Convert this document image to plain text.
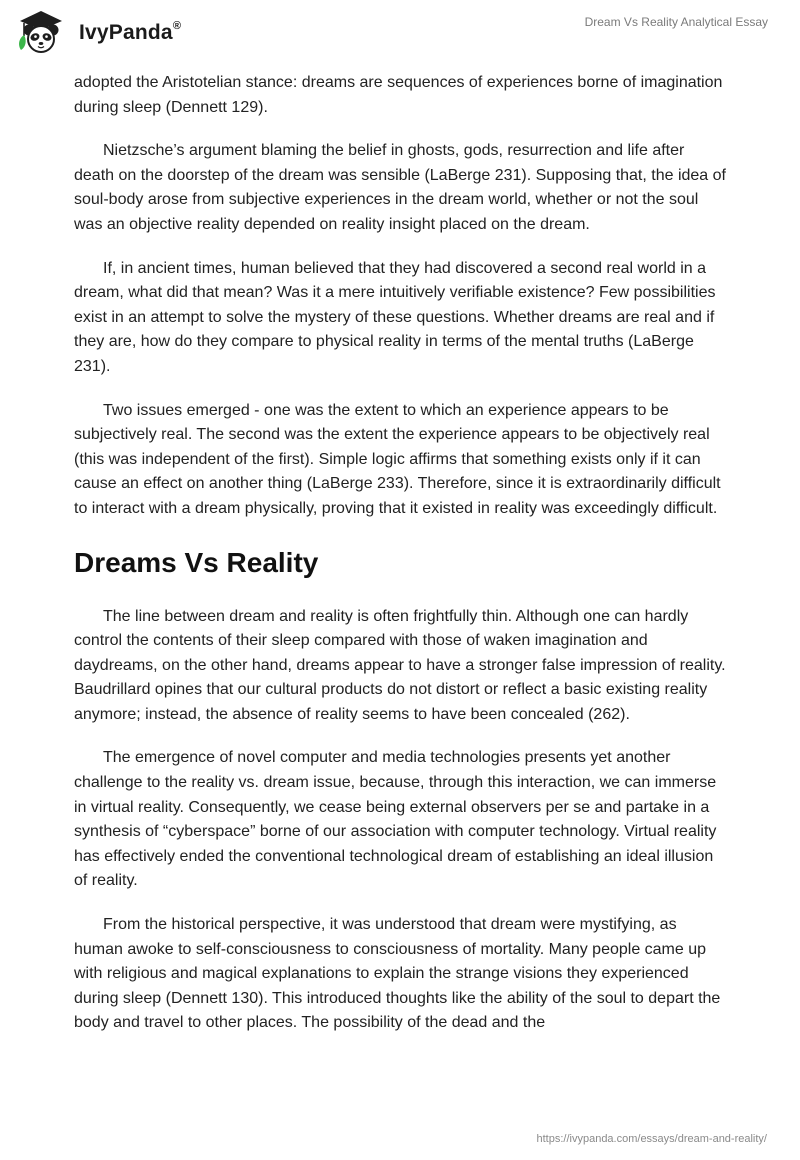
IvyPanda®	Dream Vs Reality Analytical Essay

adopted the Aristotelian stance: dreams are sequences of experiences borne of imagination during sleep (Dennett 129).

Nietzsche’s argument blaming the belief in ghosts, gods, resurrection and life after death on the doorstep of the dream was sensible (LaBerge 231). Supposing that, the idea of soul-body arose from subjective experiences in the dream world, whether or not the soul was an objective reality depended on reality insight placed on the dream.

If, in ancient times, human believed that they had discovered a second real world in a dream, what did that mean? Was it a mere intuitively verifiable existence? Few possibilities exist in an attempt to solve the mystery of these questions. Whether dreams are real and if they are, how do they compare to physical reality in terms of the mental truths (LaBerge 231).

Two issues emerged - one was the extent to which an experience appears to be subjectively real. The second was the extent the experience appears to be objectively real (this was independent of the first). Simple logic affirms that something exists only if it can cause an effect on another thing (LaBerge 233). Therefore, since it is extraordinarily difficult to interact with a dream physically, proving that it existed in reality was exceedingly difficult.

Dreams Vs Reality

The line between dream and reality is often frightfully thin. Although one can hardly control the contents of their sleep compared with those of waken imagination and daydreams, on the other hand, dreams appear to have a stronger false impression of reality. Baudrillard opines that our cultural products do not distort or reflect a basic existing reality anymore; instead, the absence of reality seems to have been concealed (262).

The emergence of novel computer and media technologies presents yet another challenge to the reality vs. dream issue, because, through this interaction, we can immerse in virtual reality. Consequently, we cease being external observers per se and partake in a synthesis of “cyberspace” borne of our association with computer technology. Virtual reality has effectively ended the conventional technological dream of establishing an ideal illusion of reality.

From the historical perspective, it was understood that dream were mystifying, as human awoke to self-consciousness to consciousness of mortality. Many people came up with religious and magical explanations to explain the strange visions they experienced during sleep (Dennett 130). This introduced thoughts like the ability of the soul to depart the body and travel to other places. The possibility of the dead and the

https://ivypanda.com/essays/dream-and-reality/
